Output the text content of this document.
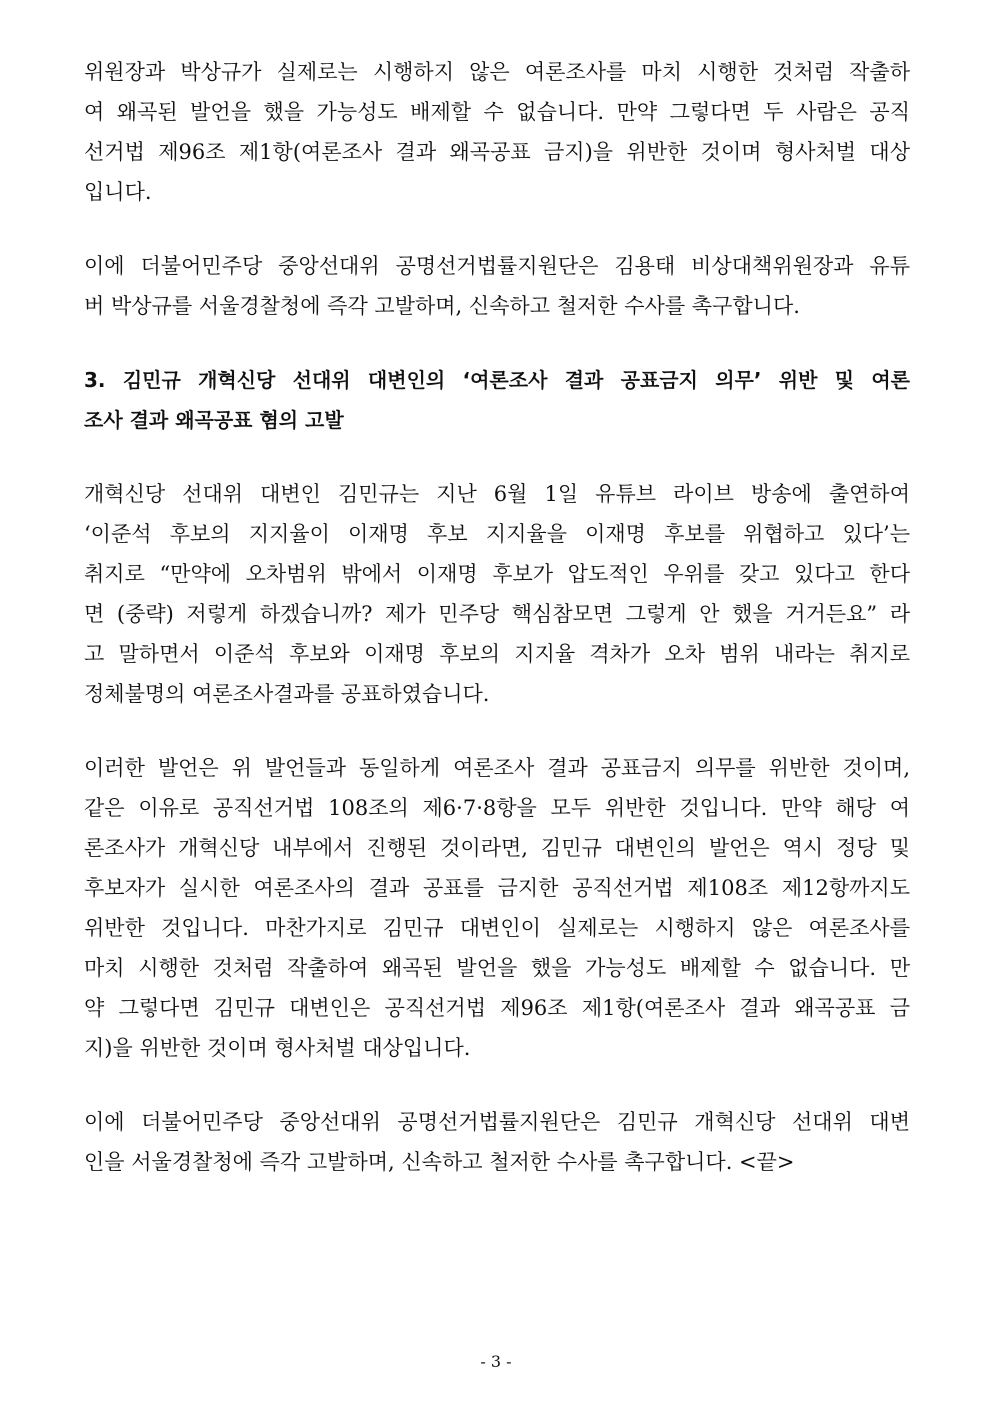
위원장과 박상규가 실제로는 시행하지 않은 여론조사를 마치 시행한 것처럼 작출하
여 왜곡된 발언을 했을 가능성도 배제할 수 없습니다. 만약 그렇다면 두 사람은 공직
선거법 제96조 제1항(여론조사 결과 왜곡공표 금지)을 위반한 것이며 형사처벌 대상
입니다.
이에 더불어민주당 중앙선대위 공명선거법률지원단은 김용태 비상대책위원장과 유튜
버 박상규를 서울경찰청에 즉각 고발하며, 신속하고 철저한 수사를 촉구합니다.
3. 김민규 개혁신당 선대위 대변인의 ‘여론조사 결과 공표금지 의무’ 위반 및 여론
조사 결과 왜곡공표 혐의 고발
개혁신당 선대위 대변인 김민규는 지난 6월 1일 유튜브 라이브 방송에 출연하여
‘이준석 후보의 지지율이 이재명 후보 지지율을 이재명 후보를 위협하고 있다’는
취지로 “만약에 오차범위 밖에서 이재명 후보가 압도적인 우위를 갖고 있다고 한다
면 (중략) 저렇게 하겠습니까? 제가 민주당 핵심참모면 그렇게 안 했을 거거든요” 라
고 말하면서 이준석 후보와 이재명 후보의 지지율 격차가 오차 범위 내라는 취지로
정체불명의 여론조사결과를 공표하였습니다.
이러한 발언은 위 발언들과 동일하게 여론조사 결과 공표금지 의무를 위반한 것이며,
같은 이유로 공직선거법 108조의 제6·7·8항을 모두 위반한 것입니다. 만약 해당 여
론조사가 개혁신당 내부에서 진행된 것이라면, 김민규 대변인의 발언은 역시 정당 및
후보자가 실시한 여론조사의 결과 공표를 금지한 공직선거법 제108조 제12항까지도
위반한 것입니다. 마찬가지로 김민규 대변인이 실제로는 시행하지 않은 여론조사를
마치 시행한 것처럼 작출하여 왜곡된 발언을 했을 가능성도 배제할 수 없습니다. 만
약 그렇다면 김민규 대변인은 공직선거법 제96조 제1항(여론조사 결과 왜곡공표 금
지)을 위반한 것이며 형사처벌 대상입니다.
이에 더불어민주당 중앙선대위 공명선거법률지원단은 김민규 개혁신당 선대위 대변
인을 서울경찰청에 즉각 고발하며, 신속하고 철저한 수사를 촉구합니다. <끝>
- 3 -
